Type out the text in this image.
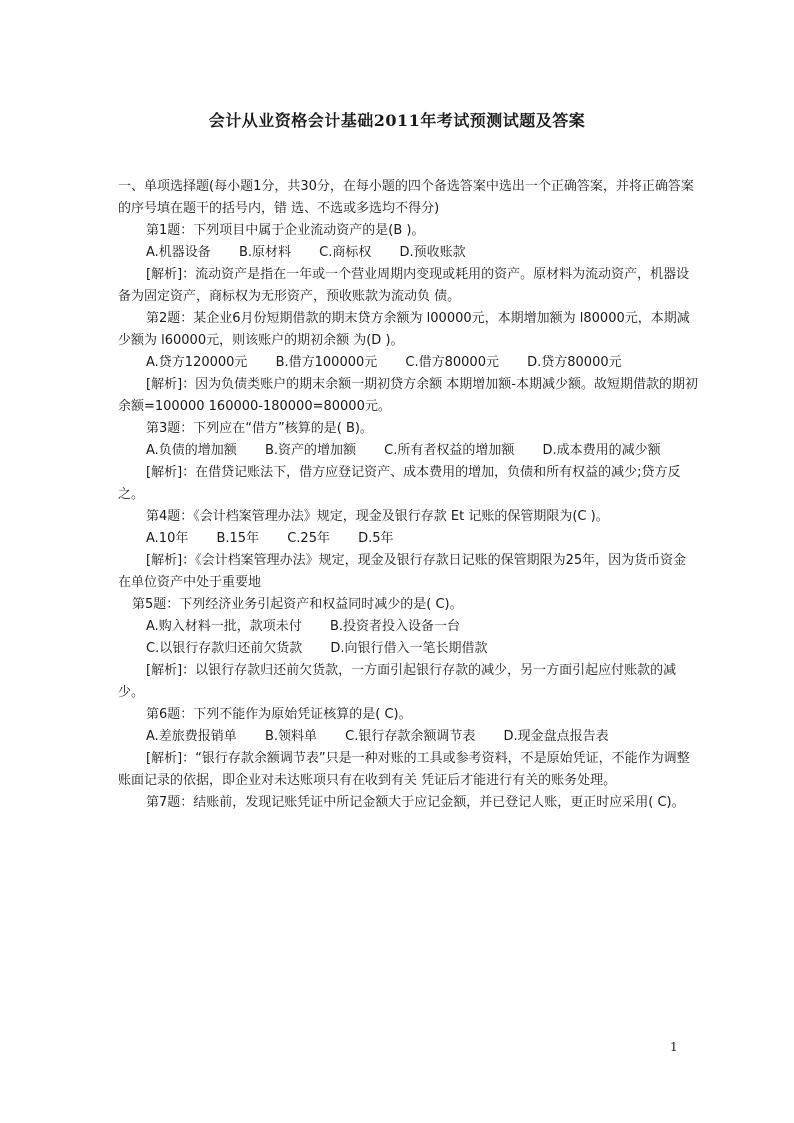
会计从业资格会计基础2011年考试预测试题及答案

一、单项选择题(每小题1分，共30分，在每小题的四个备选答案中选出一个正确答案，并将正确答案的序号填在题干的括号内，错 选、不选或多选均不得分)

第1题：下列项目中属于企业流动资产的是(B )。

A.机器设备 B.原材料 C.商标权 D.预收账款

[解析]：流动资产是指在一年或一个营业周期内变现或耗用的资产。原材料为流动资产，机器设备为固定资产，商标权为无形资产，预收账款为流动负 债。

第2题：某企业6月份短期借款的期末贷方余额为 l00000元，本期增加额为 l80000元，本期减少额为 l60000元，则该账户的期初余额 为(D )。

A.贷方120000元 B.借方100000元 C.借方80000元 D.贷方80000元

[解析]：因为负债类账户的期末余额一期初贷方余额 本期增加额-本期减少额。故短期借款的期初余额=100000 160000-180000=80000元。

第3题：下列应在“借方”核算的是( B)。

A.负债的增加额 B.资产的增加额 C.所有者权益的增加额 D.成本费用的减少额

[解析]：在借贷记账法下，借方应登记资产、成本费用的增加，负债和所有权益的减少;贷方反之。

第4题：《会计档案管理办法》规定，现金及银行存款 Et 记账的保管期限为(C )。

A.10年 B.15年 C.25年 D.5年

[解析]：《会计档案管理办法》规定，现金及银行存款日记账的保管期限为25年，因为货币资金在单位资产中处于重要地

第5题：下列经济业务引起资产和权益同时减少的是( C)。

A.购入材料一批，款项未付 B.投资者投入设备一台

C.以银行存款归还前欠货款 D.向银行借入一笔长期借款

[解析]：以银行存款归还前欠货款，一方面引起银行存款的减少，另一方面引起应付账款的减少。

第6题：下列不能作为原始凭证核算的是( C)。

A.差旅费报销单 B.领料单 C.银行存款余额调节表 D.现金盘点报告表

[解析]：“银行存款余额调节表”只是一种对账的工具或参考资料，不是原始凭证，不能作为调整账面记录的依据，即企业对未达账项只有在收到有关 凭证后才能进行有关的账务处理。

第7题：结账前，发现记账凭证中所记金额大于应记金额，并已登记人账，更正时应采用( C)。

1
